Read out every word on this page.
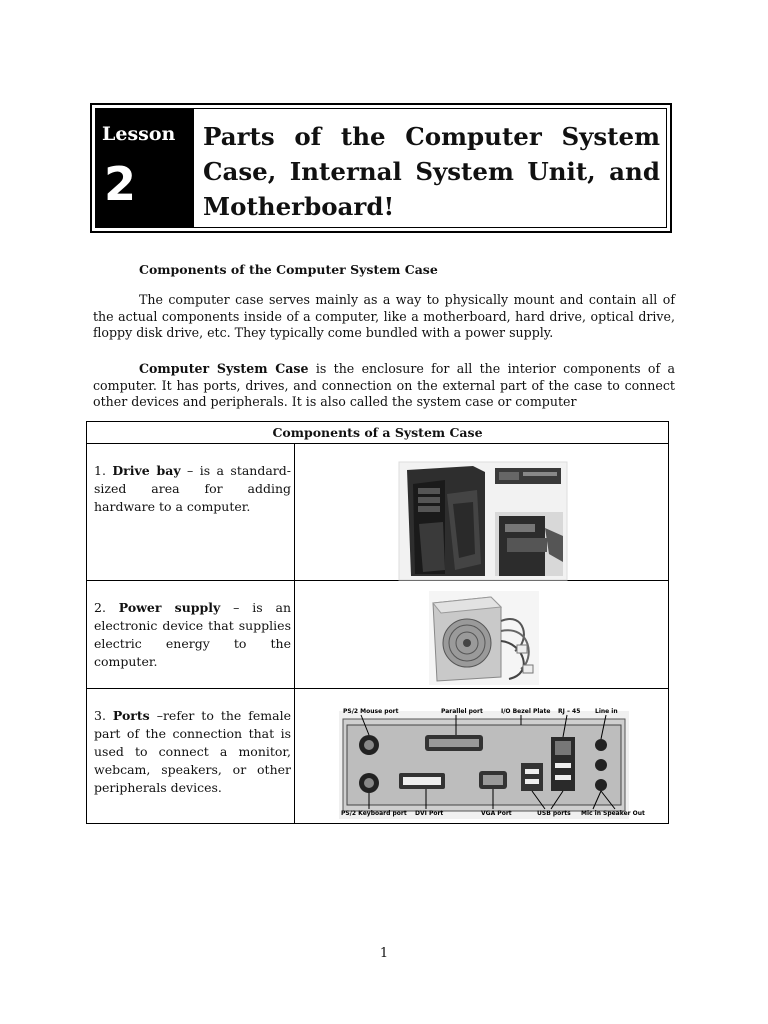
Lesson
2

Parts of the Computer System Case, Internal System Unit, and Motherboard!

Components of the Computer System Case

The computer case serves mainly as a way to physically mount and contain all of the actual components inside of a computer, like a motherboard, hard drive, optical drive, floppy disk drive, etc. They typically come bundled with a power supply.

Computer System Case is the enclosure for all the interior components of a computer. It has ports, drives, and connection on the external part of the case to connect other devices and peripherals. It is also called the system case or computer

Components of a System Case
1. Drive bay – is a standard-sized area for adding hardware to a computer.
2. Power supply – is an electronic device that supplies electric energy to the computer.
3. Ports –refer to the female part of the connection that is used to connect a monitor, webcam, speakers, or other peripherals devices.
PS/2 Mouse port	Parallel port	I/O Bezel Plate RJ – 45 Line in
PS/2 Keyboard port DVI Port	VGA Port	USB ports Mic in Speaker Out
1
